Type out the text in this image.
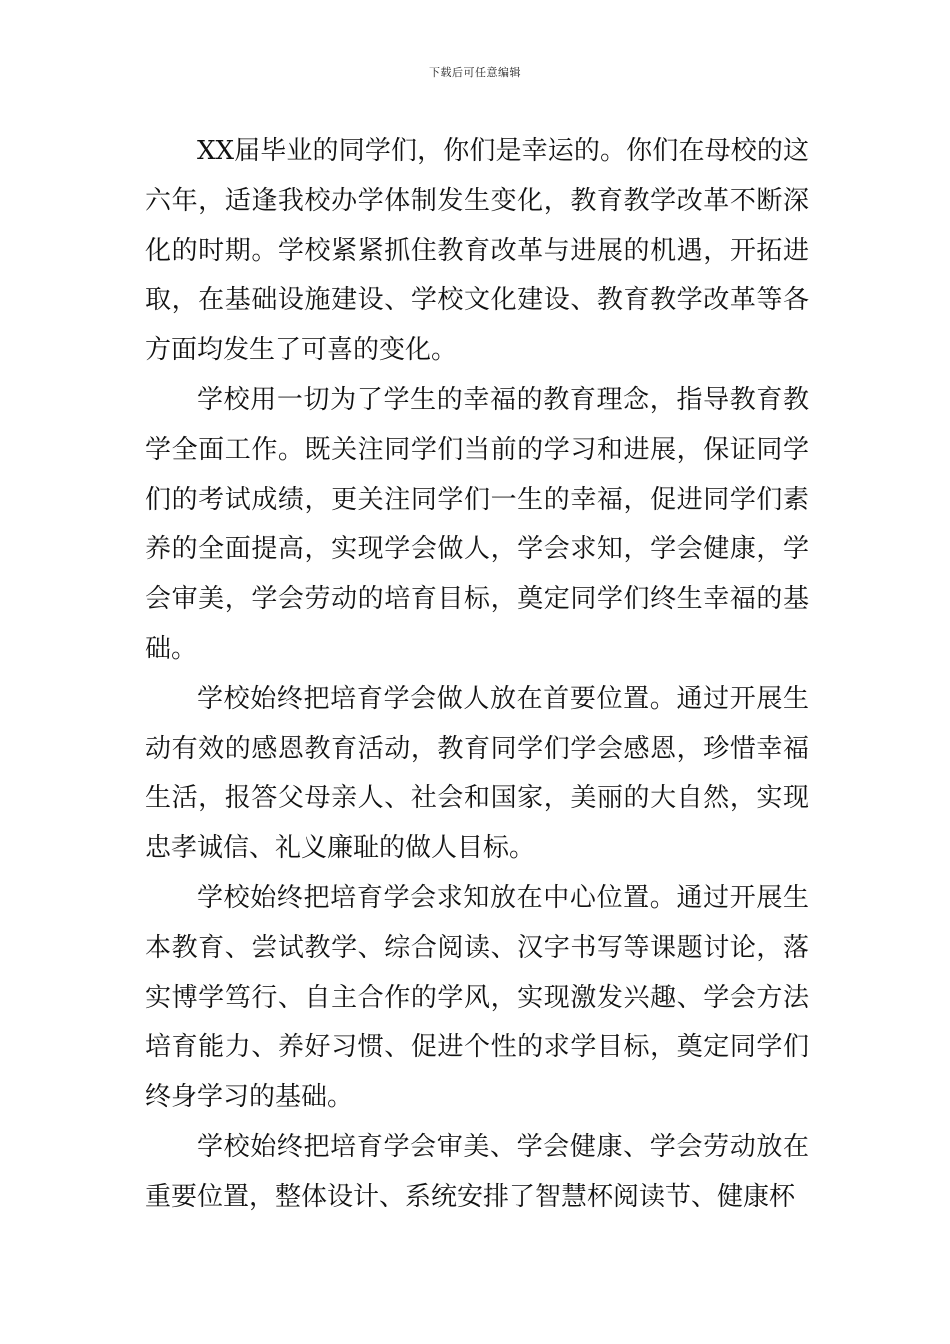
下载后可任意编辑

XX届毕业的同学们，你们是幸运的。你们在母校的这六年，适逢我校办学体制发生变化，教育教学改革不断深化的时期。学校紧紧抓住教育改革与进展的机遇，开拓进取，在基础设施建设、学校文化建设、教育教学改革等各方面均发生了可喜的变化。

学校用一切为了学生的幸福的教育理念，指导教育教学全面工作。既关注同学们当前的学习和进展，保证同学们的考试成绩，更关注同学们一生的幸福，促进同学们素养的全面提高，实现学会做人，学会求知，学会健康，学会审美，学会劳动的培育目标，奠定同学们终生幸福的基础。

学校始终把培育学会做人放在首要位置。通过开展生动有效的感恩教育活动，教育同学们学会感恩，珍惜幸福生活，报答父母亲人、社会和国家，美丽的大自然，实现忠孝诚信、礼义廉耻的做人目标。

学校始终把培育学会求知放在中心位置。通过开展生本教育、尝试教学、综合阅读、汉字书写等课题讨论，落实博学笃行、自主合作的学风，实现激发兴趣、学会方法培育能力、养好习惯、促进个性的求学目标，奠定同学们终身学习的基础。

学校始终把培育学会审美、学会健康、学会劳动放在重要位置，整体设计、系统安排了智慧杯阅读节、健康杯
